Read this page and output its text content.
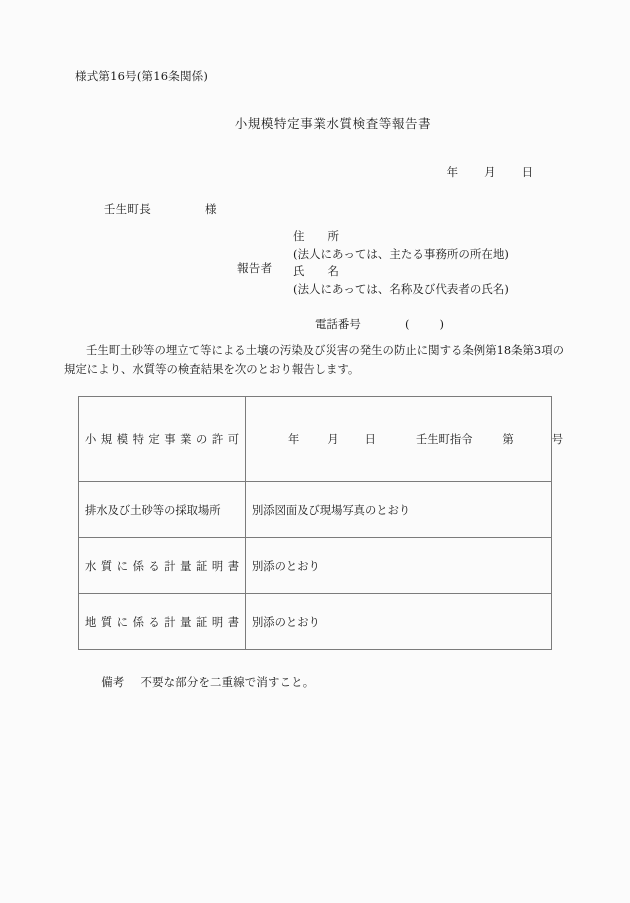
様式第16号(第16条関係)
小規模特定事業水質検査等報告書

年 月 日

壬生町長	様

報告者
住　　所
(法人にあっては、主たる事務所の所在地)
氏　　名
(法人にあっては、名称及び代表者の氏名)

電話番号	(	)

壬生町土砂等の埋立て等による土壌の汚染及び災害の発生の防止に関する条例第18条第3項の規定により、水質等の検査結果を次のとおり報告します。
小規模特定事業の許可	年 月 日 壬生町指令 第 号

排水及び土砂等の採取場所	別添図面及び現場写真のとおり

水質に係る計量証明書	別添のとおり

地質に係る計量証明書	別添のとおり

備考 不要な部分を二重線で消すこと。
